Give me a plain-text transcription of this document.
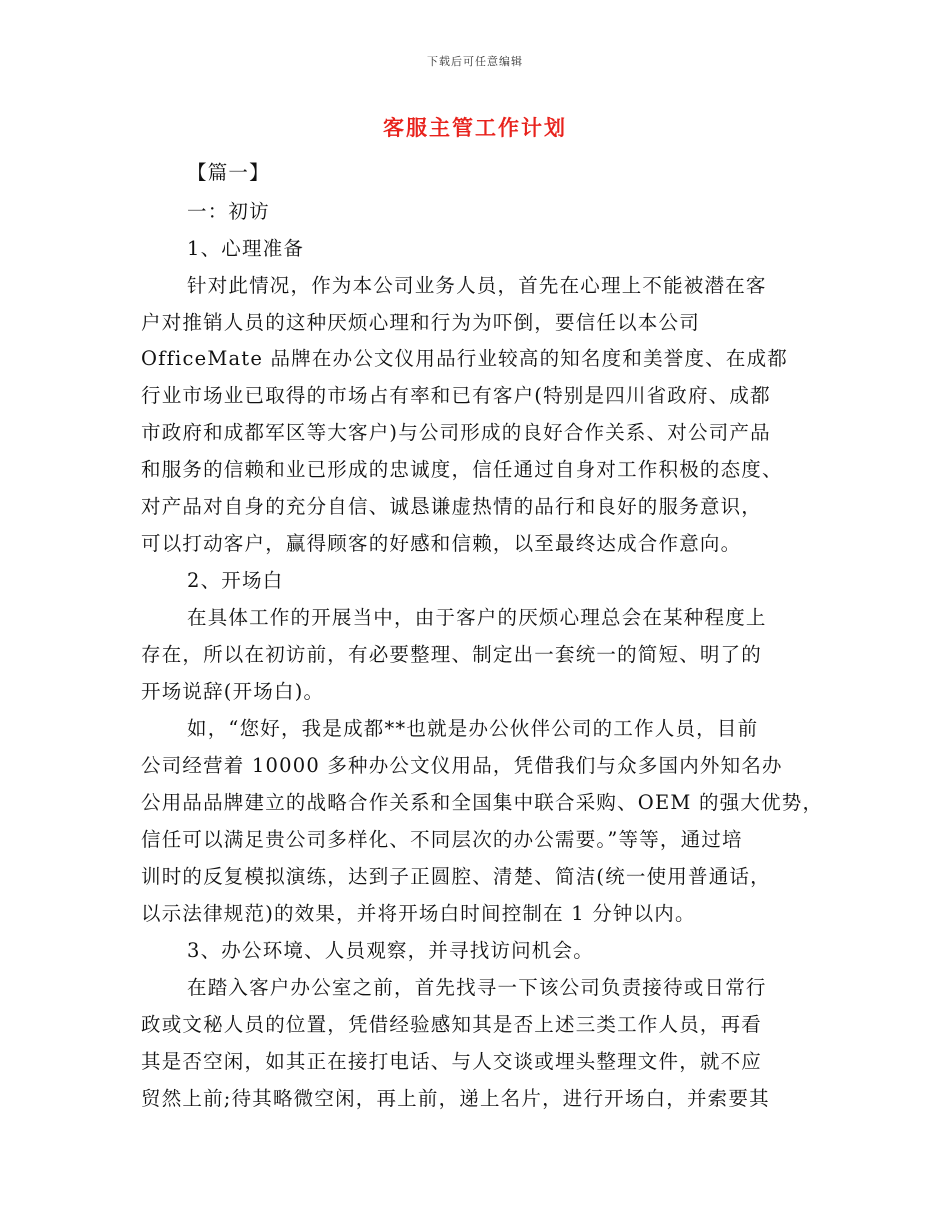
下载后可任意编辑
客服主管工作计划
【篇一】
一：初访
1、心理准备
针对此情况，作为本公司业务人员，首先在心理上不能被潜在客
户对推销人员的这种厌烦心理和行为为吓倒，要信任以本公司
OfficeMate 品牌在办公文仪用品行业较高的知名度和美誉度、在成都
行业市场业已取得的市场占有率和已有客户(特别是四川省政府、成都
市政府和成都军区等大客户)与公司形成的良好合作关系、对公司产品
和服务的信赖和业已形成的忠诚度，信任通过自身对工作积极的态度、
对产品对自身的充分自信、诚恳谦虚热情的品行和良好的服务意识，
可以打动客户，赢得顾客的好感和信赖，以至最终达成合作意向。
2、开场白
在具体工作的开展当中，由于客户的厌烦心理总会在某种程度上
存在，所以在初访前，有必要整理、制定出一套统一的简短、明了的
开场说辞(开场白)。
如，“您好，我是成都**也就是办公伙伴公司的工作人员，目前
公司经营着 10000 多种办公文仪用品，凭借我们与众多国内外知名办
公用品品牌建立的战略合作关系和全国集中联合采购、OEM 的强大优势，
信任可以满足贵公司多样化、不同层次的办公需要。”等等，通过培
训时的反复模拟演练，达到子正圆腔、清楚、简洁(统一使用普通话，
以示法律规范)的效果，并将开场白时间控制在 1 分钟以内。
3、办公环境、人员观察，并寻找访问机会。
在踏入客户办公室之前，首先找寻一下该公司负责接待或日常行
政或文秘人员的位置，凭借经验感知其是否上述三类工作人员，再看
其是否空闲，如其正在接打电话、与人交谈或埋头整理文件，就不应
贸然上前;待其略微空闲，再上前，递上名片，进行开场白，并索要其
